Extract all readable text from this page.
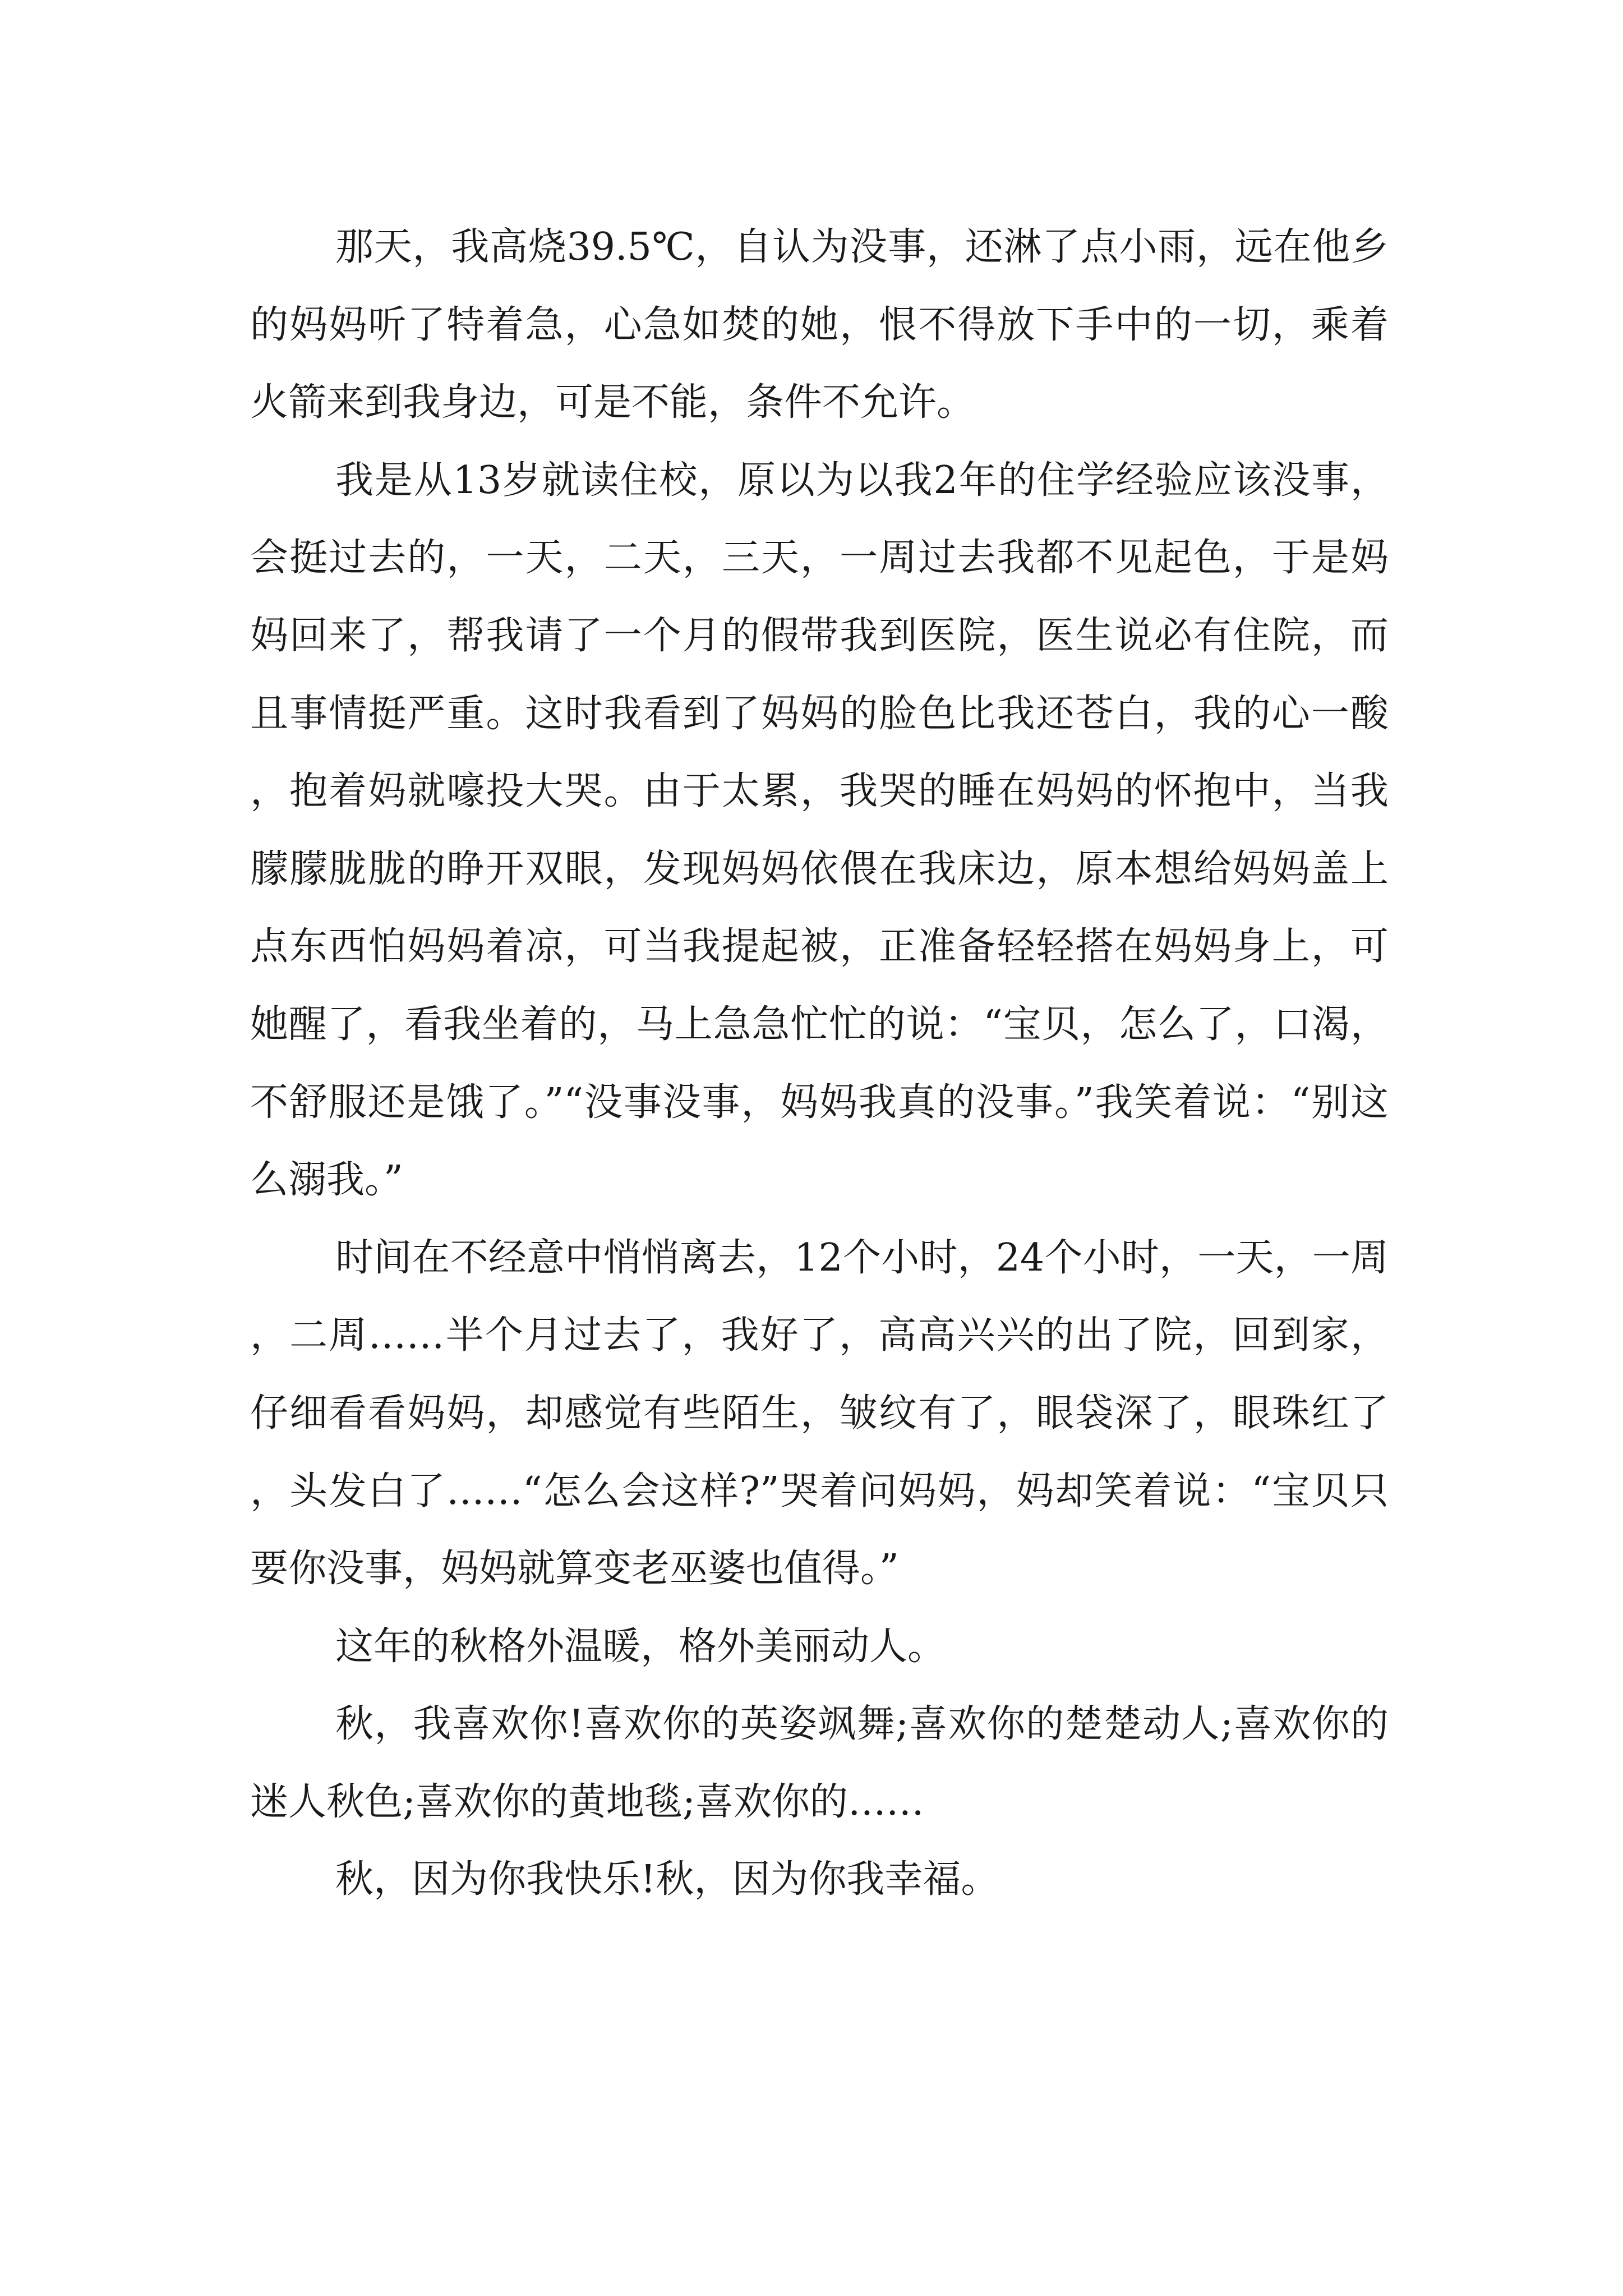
那天，我高烧39.5℃，自认为没事，还淋了点小雨，远在他乡的妈妈听了特着急，心急如焚的她，恨不得放下手中的一切，乘着火箭来到我身边，可是不能，条件不允许。

我是从13岁就读住校，原以为以我2年的住学经验应该没事，会挺过去的，一天，二天，三天，一周过去我都不见起色，于是妈妈回来了，帮我请了一个月的假带我到医院，医生说必有住院，而且事情挺严重。这时我看到了妈妈的脸色比我还苍白，我的心一酸，抱着妈就嚎投大哭。由于太累，我哭的睡在妈妈的怀抱中，当我朦朦胧胧的睁开双眼，发现妈妈依偎在我床边，原本想给妈妈盖上点东西怕妈妈着凉，可当我提起被，正准备轻轻搭在妈妈身上，可她醒了，看我坐着的，马上急急忙忙的说：“宝贝，怎么了，口渴，不舒服还是饿了。”“没事没事，妈妈我真的没事。”我笑着说：“别这么溺我。”

时间在不经意中悄悄离去，12个小时，24个小时，一天，一周，二周……半个月过去了，我好了，高高兴兴的出了院，回到家，仔细看看妈妈，却感觉有些陌生，皱纹有了，眼袋深了，眼珠红了，头发白了……“怎么会这样?”哭着问妈妈，妈却笑着说：“宝贝只要你没事，妈妈就算变老巫婆也值得。”

这年的秋格外温暖，格外美丽动人。

秋，我喜欢你!喜欢你的英姿飒舞;喜欢你的楚楚动人;喜欢你的迷人秋色;喜欢你的黄地毯;喜欢你的……

秋，因为你我快乐!秋，因为你我幸福。
